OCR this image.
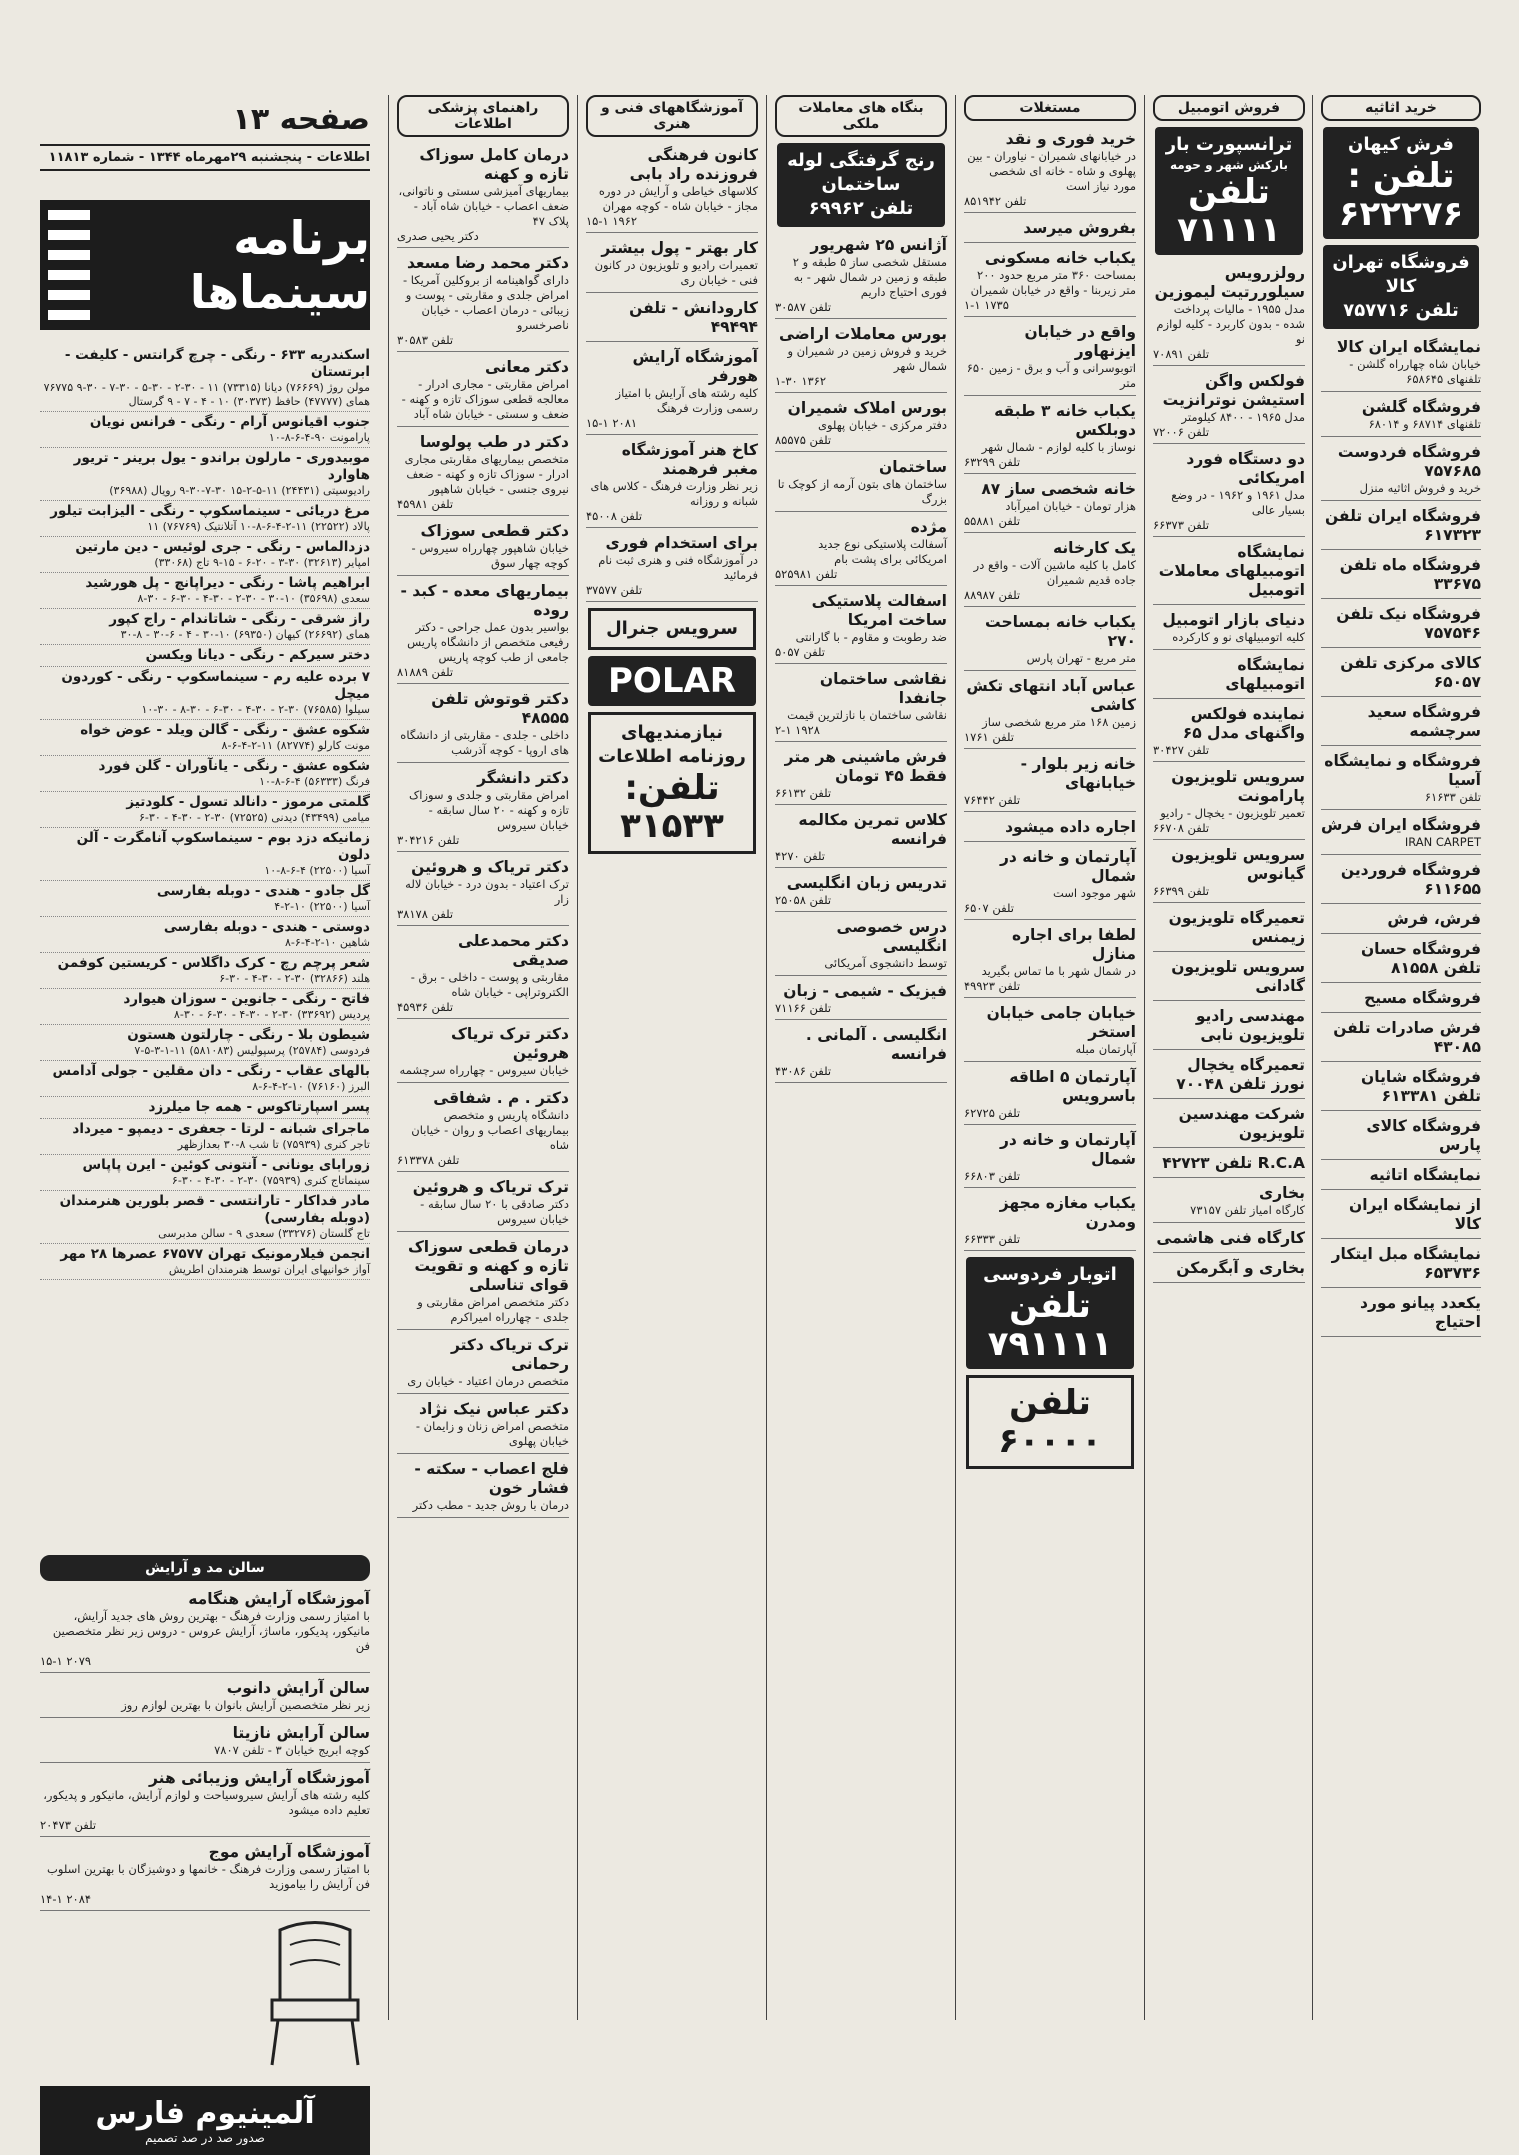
صفحه ۱۳
اطلاعات - پنجشنبه ۲۹مهرماه ۱۳۴۴ - شماره ۱۱۸۱۳
برنامه سینماها
اسکندریه ۶۳۳ - رنگی - چرچ گرانتس - کلیفت - ابرتستان
مولن روژ (۷۶۶۶۹) دیانا (۷۳۳۱۵) ۱۱ - ۳۰-۲ - ۳۰-۵ - ۳۰-۷ - ۳۰-۹ ۷۶۷۷۵ همای (۴۷۷۷۷) حافظ (۳۰۳۷۳) ۱۰ - ۴ - ۷ - ۹ گرستال
جنوب اقیانوس آرام - رنگی - فرانس نویان
پارامونت ۹۰-۴-۶-۸-۱۰
موبیدوری - مارلون براندو - یول برینر - تریور هاوارد
رادیوسیتی (۲۴۴۳۱) ۱۱-۵-۲-۱۵ ۳۰-۷-۳۰-۹ رویال (۳۶۹۸۸)
مرغ دریائی - سینماسکوپ - رنگی - الیزابت تیلور
پالاد (۲۲۵۲۲) ۱۱-۲-۴-۶-۸-۱۰ آتلانتیک (۷۶۷۶۹) ۱۱
دزدالماس - رنگی - جری لوئیس - دین مارتین
امپایر (۳۲۶۱۳) ۳۰-۳ - ۲۰-۶ - ۱۵-۹ تاج (۳۳۰۶۸)
ابراهیم پاشا - رنگی - دیراپانچ - پل هورشید
سعدی (۳۵۶۹۸) ۱۰-۳۰ - ۳۰-۲ - ۳۰-۴ - ۳۰-۶ - ۳۰-۸
راز شرقی - رنگی - شاتاندام - راج کپور
همای (۲۶۶۹۲) کیهان (۶۹۳۵۰) ۱۰-۳۰ - ۴ - ۶-۳۰ - ۸-۳۰
دختر سیرکم - رنگی - دیانا ویکسن
۷ برده علیه رم - سینماسکوپ - رنگی - کوردون میچل
سیلوا (۷۶۵۸۵) ۳۰-۲ - ۳۰-۴ - ۳۰-۶ - ۳۰-۸ - ۳۰-۱۰
شکوه عشق - رنگی - گالن ویلد - عوض خواه
مونت کارلو (۸۲۷۷۴) ۱۱-۲-۴-۶-۸
شکوه عشق - رنگی - یانآوران - گلن فورد
فرنگ (۵۶۳۳۳) ۴-۶-۸-۱۰
گلمتی مرموز - دانالد تسول - کلودتیز
میامی (۴۳۴۹۹) دیدنی (۷۲۵۲۵) ۳۰-۲ - ۳۰-۴ - ۳۰-۶
زمانیکه دزد بوم - سینماسکوپ آنامگرت - آلن دلون
آسیا (۲۲۵۰۰) ۴-۶-۸-۱۰
گل جادو - هندی - دوبله بفارسی
آسیا (۲۲۵۰۰) ۱۰-۲-۴
دوستی - هندی - دوبله بفارسی
شاهین ۱۰-۲-۴-۶-۸
شعر پرچم رچ - کرک داگلاس - کریستین کوفمن
هلند (۳۲۸۶۶) ۳۰-۲ - ۳۰-۴ - ۳۰-۶
فاتح - رنگی - جانوین - سوزان هیوارد
پردیس (۳۳۶۹۲) ۳۰-۲ - ۳۰-۴ - ۳۰-۶ - ۳۰-۸
شیطون بلا - رنگی - چارلتون هستون
فردوسی (۲۵۷۸۴) پرسپولیس (۵۸۱۰۸۳) ۱۱-۱-۳-۵-۷
بالهای عقاب - رنگی - دان مقلین - جولی آدامس
البرز (۷۶۱۶۰) ۱۰-۲-۴-۶-۸
پسر اسپارتاکوس - همه جا میلرزد
ماجرای شبانه - لرتا - جعفری - دیمپو - میرداد
تاجر کنری (۷۵۹۳۹) تا شب ۸-۳۰ بعدازظهر
زورابای یونانی - آنتونی کوئین - ایرن پاپاس
سینماتاج کنری (۷۵۹۳۹) ۳۰-۲ - ۳۰-۴ - ۳۰-۶
مادر فداکار - تارانتسی - قصر بلورین هنرمندان (دوبله بفارسی)
تاج گلستان (۳۳۲۷۶) سعدی ۹ - سالن مدبرسی
انجمن فیلارمونیک تهران ۶۷۵۷۷ عصرها ۲۸ مهر
آواز خوانیهای ایران توسط هنرمندان اطریش
سالن مد و آرایش
آموزشگاه آرایش هنگامه
با امتیاز رسمی وزارت فرهنگ - بهترین روش های جدید آرایش، مانیکور، پدیکور، ماساژ، آرایش عروس - دروس زیر نظر متخصصین فن
۱۵-۱ ۲۰۷۹
سالن آرایش دانوب
زیر نظر متخصصین آرایش بانوان با بهترین لوازم روز
سالن آرایش نازیتا
کوچه ابریج خیابان ۳ - تلفن ۷۸۰۷
آموزشگاه آرایش وزیبائی هنر
کلیه رشته های آرایش سیروسیاحت و لوازم آرایش، مانیکور و پدیکور، تعلیم داده میشود
تلفن ۲۰۴۷۳
آموزشگاه آرایش موج
با امتیاز رسمی وزارت فرهنگ - خانمها و دوشیزگان با بهترین اسلوب فن آرایش را بیاموزید
۱۴-۱ ۲۰۸۴
آلمینیوم فارس
صدور صد در صد تصمیم
راهنمای پزشکی اطلاعات
درمان کامل سوزاک تازه و کهنه
بیماریهای آمیزشی سستی و ناتوانی، ضعف اعصاب - خیابان شاه آباد - پلاک ۴۷
دکتر یحیی صدری
دکتر محمد رضا مسعد
دارای گواهینامه از بروکلین آمریکا - امراض جلدی و مقاربتی - پوست و زیبائی - درمان اعصاب - خیابان ناصرخسرو
تلفن ۳۰۵۸۳
دکتر معانی
امراض مقاربتی - مجاری ادرار - معالجه قطعی سوزاک تازه و کهنه - ضعف و سستی - خیابان شاه آباد
دکتر در طب پولوسا
متخصص بیماریهای مقاربتی مجاری ادرار - سوزاک تازه و کهنه - ضعف نیروی جنسی - خیابان شاهپور
تلفن ۴۵۹۸۱
دکتر قطعی سوزاک
خیابان شاهپور چهارراه سیروس - کوچه چهار سوق
بیماریهای معده - کبد - روده
بواسیر بدون عمل جراحی - دکتر رفیعی متخصص از دانشگاه پاریس جامعی از طب کوچه پاریس
تلفن ۸۱۸۸۹
دکتر قوتوش تلفن ۴۸۵۵۵
داخلی - جلدی - مقاربتی از دانشگاه های اروپا - کوچه آذرشب
دکتر دانشگر
امراض مقاربتی و جلدی و سوزاک تازه و کهنه - ۲۰ سال سابقه - خیابان سیروس
تلفن ۳۰۴۲۱۶
دکتر تریاک و هروئین
ترک اعتیاد - بدون درد - خیابان لاله زار
تلفن ۳۸۱۷۸
دکتر محمدعلی صدیقی
مقاربتی و پوست - داخلی - برق - الکتروتراپی - خیابان شاه
تلفن ۴۵۹۳۶
دکتر ترک تریاک هروئین
خیابان سیروس - چهارراه سرچشمه
دکتر . م . شفاقی
دانشگاه پاریس و متخصص بیماریهای اعصاب و روان - خیابان شاه
تلفن ۶۱۳۳۷۸
ترک تریاک و هروئین
دکتر صادقی با ۲۰ سال سابقه - خیابان سیروس
درمان قطعی سوزاک تازه و کهنه و تقویت قوای تناسلی
دکتر متخصص امراض مقاربتی و جلدی - چهارراه امیراکرم
ترک تریاک دکتر رحمانی
متخصص درمان اعتیاد - خیابان ری
دکتر عباس نیک نژاد
متخصص امراض زنان و زایمان - خیابان پهلوی
فلج اعصاب - سکته - فشار خون
درمان با روش جدید - مطب دکتر
آموزشگاههای فنی و هنری
کانون فرهنگی فروزنده راد بابی
کلاسهای خیاطی و آرایش در دوره مجاز - خیابان شاه - کوچه مهران
۱۵-۱ ۱۹۶۲
کار بهتر - پول بیشتر
تعمیرات رادیو و تلویزیون در کانون فنی - خیابان ری
کارودانش - تلفن ۴۹۴۹۴
آموزشگاه آرایش هورفر
کلیه رشته های آرایش با امتیاز رسمی وزارت فرهنگ
۱۵-۱ ۲۰۸۱
کاخ هنر آموزشگاه مغبر فرهمند
زیر نظر وزارت فرهنگ - کلاس های شبانه و روزانه
تلفن ۴۵۰۰۸
برای استخدام فوری
در آموزشگاه فنی و هنری ثبت نام فرمائید
تلفن ۳۷۵۷۷
سرویس جنرال
POLAR
نیازمندیهای روزنامه اطلاعات
تلفن: ۳۱۵۳۳
بنگاه های معاملات ملکی
رنج گرفتگی لوله ساختمان
تلفن ۶۹۹۶۲
آژانس ۲۵ شهریور
مستقل شخصی ساز ۵ طبقه و ۲ طبقه و زمین در شمال شهر - به فوری احتیاج داریم
تلفن ۳۰۵۸۷
بورس معاملات اراضی
خرید و فروش زمین در شمیران و شمال شهر
۱-۳۰ ۱۳۶۲
بورس املاک شمیران
دفتر مرکزی - خیابان پهلوی
تلفن ۸۵۵۷۵
ساختمان
ساختمان های بتون آرمه از کوچک تا بزرگ
مژده
آسفالت پلاستیکی نوع جدید امریکائی برای پشت بام
تلفن ۵۲۵۹۸۱
اسفالت پلاستیکی ساخت امریکا
ضد رطوبت و مقاوم - با گارانتی
تلفن ۵۰۵۷
نقاشی ساختمان جانفدا
نقاشی ساختمان با نازلترین قیمت
۲-۱ ۱۹۲۸
فرش ماشینی هر متر فقط ۴۵ تومان
تلفن ۶۶۱۳۲
کلاس تمرین مکالمه فرانسه
تلفن ۴۲۷۰
تدریس زبان انگلیسی
تلفن ۲۵۰۵۸
درس خصوصی انگلیسی
توسط دانشجوی آمریکائی
فیزیک - شیمی - زبان
تلفن ۷۱۱۶۶
انگلیسی . آلمانی . فرانسه
تلفن ۴۳۰۸۶
مستغلات
خرید فوری و نقد
در خیابانهای شمیران - نیاوران - بین پهلوی و شاه - خانه ای شخصی مورد نیاز است
تلفن ۸۵۱۹۴۲
بفروش میرسد
یکباب خانه مسکونی
بمساحت ۳۶۰ متر مربع حدود ۲۰۰ متر زیربنا - واقع در خیابان شمیران
۱-۱ ۱۷۳۵
واقع در خیابان ایزنهاور
اتوبوسرانی و آب و برق - زمین ۶۵۰ متر
یکباب خانه ۳ طبقه دوبلکس
نوساز با کلیه لوازم - شمال شهر
تلفن ۶۳۲۹۹
خانه شخصی ساز ۸۷
هزار تومان - خیابان امیرآباد
تلفن ۵۵۸۸۱
یک کارخانه
کامل با کلیه ماشین آلات - واقع در جاده قدیم شمیران
تلفن ۸۸۹۸۷
یکباب خانه بمساحت ۲۷۰
متر مربع - تهران پارس
عباس آباد انتهای تکش کاشی
زمین ۱۶۸ متر مربع شخصی ساز
تلفن ۱۷۶۱
خانه زیر بلوار - خیابانهای
تلفن ۷۶۴۴۲
اجاره داده میشود
آپارتمان و خانه در شمال
شهر موجود است
تلفن ۶۵۰۷
لطفا برای اجاره منازل
در شمال شهر با ما تماس بگیرید
تلفن ۴۹۹۲۳
خیابان جامی خیابان استخر
آپارتمان مبله
آپارتمان ۵ اطاقه باسرویس
تلفن ۶۲۷۲۵
آپارتمان و خانه در شمال
تلفن ۶۶۸۰۳
یکباب مغازه مجهز ومدرن
تلفن ۶۶۳۳۳
اتوبار فردوسی
تلفن ۷۹۱۱۱۱
تلفن ۶۰۰۰۰
فروش اتومبیل
ترانسپورت بار
بارکش شهر و حومه
تلفن ۷۱۱۱۱
رولزرویس سیلوررتیت لیموزین
مدل ۱۹۵۵ - مالیات پرداخت شده - بدون کاربرد - کلیه لوازم نو
تلفن ۷۰۸۹۱
فولکس واگن استیشن نوترانزیت
مدل ۱۹۶۵ - ۸۴۰۰ کیلومتر
تلفن ۷۲۰۰۶
دو دستگاه فورد امریکائی
مدل ۱۹۶۱ و ۱۹۶۲ - در وضع بسیار عالی
تلفن ۶۶۳۷۳
نمایشگاه اتومبیلهای معاملات اتومبیل
دنیای بازار اتومبیل
کلیه اتومبیلهای نو و کارکرده
نمایشگاه اتومبیلهای
نماینده فولکس واگنهای مدل ۶۵
تلفن ۳۰۴۲۷
سرویس تلویزیون پارامونت
تعمیر تلویزیون - یخچال - رادیو
تلفن ۶۶۷۰۸
سرویس تلویزیون گیانوس
تلفن ۶۶۳۹۹
تعمیرگاه تلویزیون زیمنس
سرویس تلویزیون گادانی
مهندسی رادیو تلویزیون نابی
تعمیرگاه یخچال نورز تلفن ۷۰۰۴۸
شرکت مهندسین تلویزیون
R.C.A تلفن ۴۲۷۲۳
بخاری
کارگاه امیاز تلفن ۷۳۱۵۷
کارگاه فنی هاشمی
بخاری و آبگرمکن
خرید اثاثیه
فرش کیهان
تلفن : ۶۲۲۲۷۶
فروشگاه تهران کالا
تلفن ۷۵۷۷۱۶
نمایشگاه ایران کالا
خیابان شاه چهارراه گلشن - تلفنهای ۶۵۸۶۴۵
فروشگاه گلشن
تلفنهای ۶۸۷۱۴ و ۶۸۰۱۴
فروشگاه فردوست ۷۵۷۶۸۵
خرید و فروش اثاثیه منزل
فروشگاه ایران تلفن ۶۱۷۳۲۳
فروشگاه ماه تلفن ۳۳۶۷۵
فروشگاه نیک تلفن ۷۵۷۵۴۶
کالای مرکزی تلفن ۶۵۰۵۷
فروشگاه سعید سرچشمه
فروشگاه و نمایشگاه آسیا
تلفن ۶۱۶۳۳
فروشگاه ایران فرش
IRAN CARPET
فروشگاه فروردین ۶۱۱۶۵۵
فرش، فرش
فروشگاه حسان تلفن ۸۱۵۵۸
فروشگاه مسیح
فرش صادرات تلفن ۴۳۰۸۵
فروشگاه شایان تلفن ۶۱۳۳۸۱
فروشگاه کالای پارس
نمایشگاه اتاثیه
از نمایشگاه ایران کالا
نمایشگاه مبل ایتکار ۶۵۳۷۳۶
یکعدد پیانو مورد احتیاج
